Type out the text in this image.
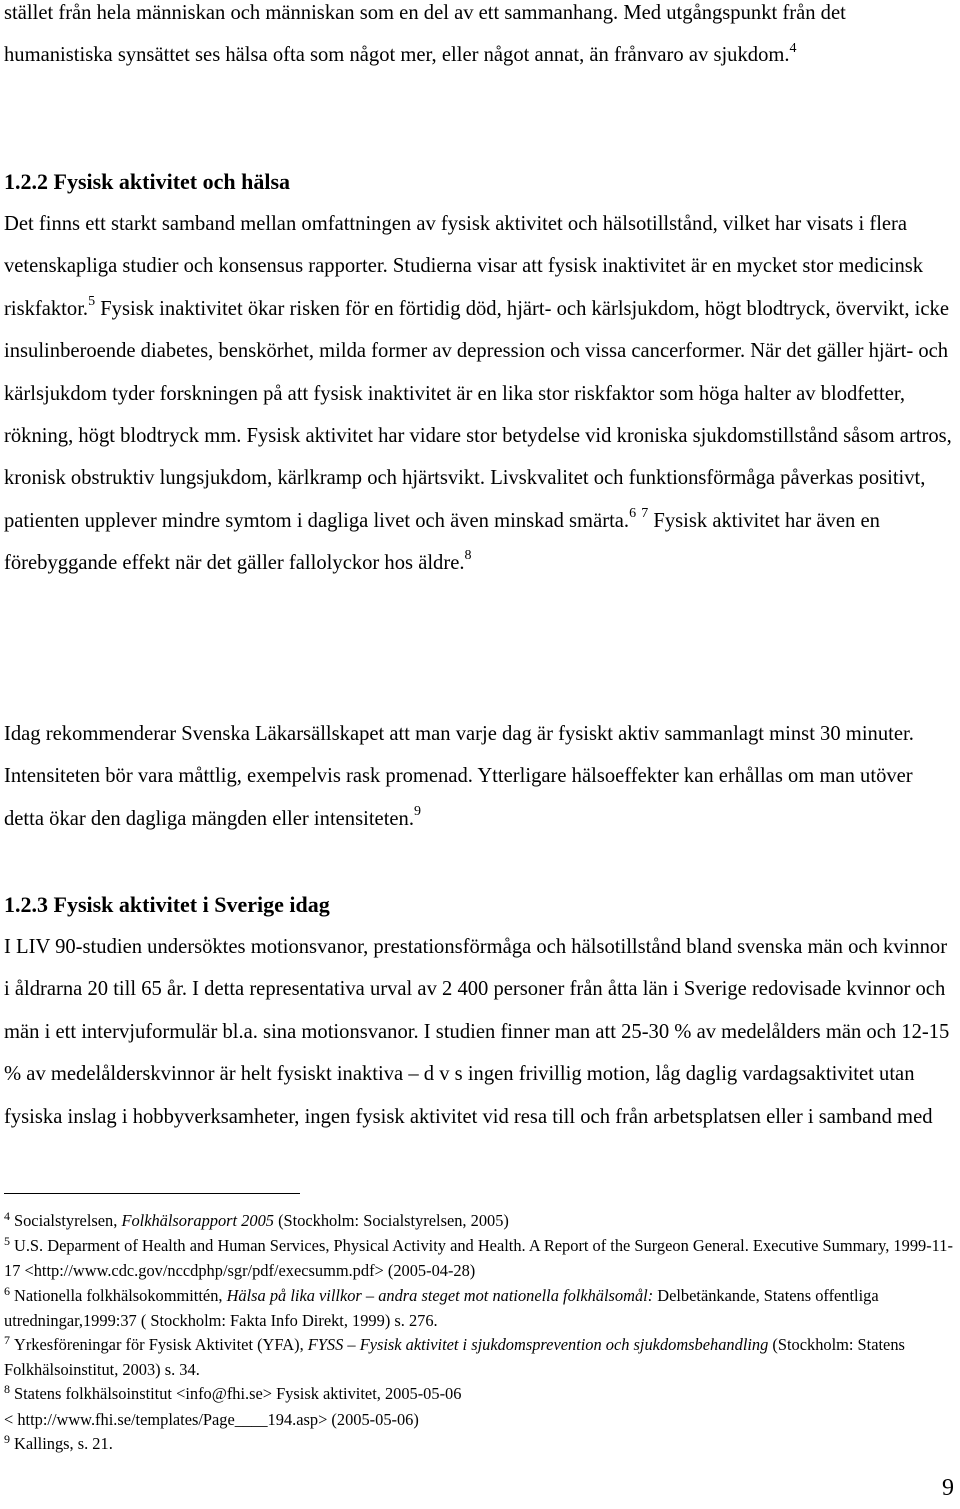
stället från hela människan och människan som en del av ett sammanhang. Med utgångspunkt från det humanistiska synsättet ses hälsa ofta som något mer, eller något annat, än frånvaro av sjukdom.$^4$

1.2.2 Fysisk aktivitet och hälsa

Det finns ett starkt samband mellan omfattningen av fysisk aktivitet och hälsotillstånd, vilket har visats i flera vetenskapliga studier och konsensus rapporter. Studierna visar att fysisk inaktivitet är en mycket stor medicinsk riskfaktor.$^5$ Fysisk inaktivitet ökar risken för en förtidig död, hjärt- och kärlsjukdom, högt blodtryck, övervikt, icke insulinberoende diabetes, benskörhet, milda former av depression och vissa cancerformer. När det gäller hjärt- och kärlsjukdom tyder forskningen på att fysisk inaktivitet är en lika stor riskfaktor som höga halter av blodfetter, rökning, högt blodtryck mm. Fysisk aktivitet har vidare stor betydelse vid kroniska sjukdomstillstånd såsom artros, kronisk obstruktiv lungsjukdom, kärlkramp och hjärtsvikt. Livskvalitet och funktionsförmåga påverkas positivt, patienten upplever mindre symtom i dagliga livet och även minskad smärta.$^6$ $^7$ Fysisk aktivitet har även en förebyggande effekt när det gäller fallolyckor hos äldre.$^8$

Idag rekommenderar Svenska Läkarsällskapet att man varje dag är fysiskt aktiv sammanlagt minst 30 minuter. Intensiteten bör vara måttlig, exempelvis rask promenad. Ytterligare hälsoeffekter kan erhållas om man utöver detta ökar den dagliga mängden eller intensiteten.$^9$

1.2.3 Fysisk aktivitet i Sverige idag

I LIV 90-studien undersöktes motionsvanor, prestationsförmåga och hälsotillstånd bland svenska män och kvinnor i åldrarna 20 till 65 år. I detta representativa urval av 2 400 personer från åtta län i Sverige redovisade kvinnor och män i ett intervjuformulär bl.a. sina motionsvanor. I studien finner man att 25-30 % av medelålders män och 12-15 % av medelålderskvinnor är helt fysiskt inaktiva – d v s ingen frivillig motion, låg daglig vardagsaktivitet utan fysiska inslag i hobbyverksamheter, ingen fysisk aktivitet vid resa till och från arbetsplatsen eller i samband med

$^4$ Socialstyrelsen, Folkhälsorapport 2005 (Stockholm: Socialstyrelsen, 2005)

$^5$ U.S. Deparment of Health and Human Services, Physical Activity and Health. A Report of the Surgeon General. Executive Summary, 1999-11-17 <http://www.cdc.gov/nccdphp/sgr/pdf/execsumm.pdf> (2005-04-28)

$^6$ Nationella folkhälsokommittén, Hälsa på lika villkor – andra steget mot nationella folkhälsomål: Delbetänkande, Statens offentliga utredningar,1999:37 ( Stockholm: Fakta Info Direkt, 1999) s. 276.

$^7$ Yrkesföreningar för Fysisk Aktivitet (YFA), FYSS – Fysisk aktivitet i sjukdomsprevention och sjukdomsbehandling (Stockholm: Statens Folkhälsoinstitut, 2003) s. 34.

$^8$ Statens folkhälsoinstitut <info@fhi.se> Fysisk aktivitet, 2005-05-06

< http://www.fhi.se/templates/Page____194.asp> (2005-05-06)

$^9$ Kallings, s. 21.

9
